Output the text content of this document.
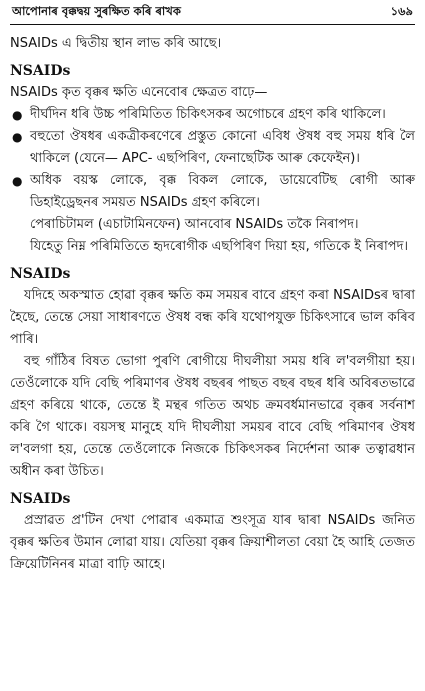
আপোনাৰ বৃক্কদ্বয় সুৰক্ষিত কৰি ৰাখক	১৬৯

NSAIDs এ দ্বিতীয় স্থান লাভ কৰি আছে।

NSAIDs

NSAIDs কৃত বৃক্কৰ ক্ষতি এনেবোৰ ক্ষেত্ৰত বাঢ়ে—

● দীৰ্ঘদিন ধৰি উচ্চ পৰিমিতিত চিকিৎসকৰ অগোচৰে গ্ৰহণ কৰি থাকিলে।
● বহুতো ঔষধৰ একত্ৰীকৰণেৰে প্ৰস্তুত কোনো এবিধ ঔষধ বহু সময় ধৰি লৈ থাকিলে (যেনে— APC- এছপিৰিণ, ফেনাছেটিক আৰু কেফেইন)।
● অধিক বয়স্ক লোকে, বৃক্ক বিকল লোকে, ডায়েবেটিছ ৰোগী আৰু ডিহাইড্ৰেছনৰ সময়ত NSAIDs গ্ৰহণ কৰিলে।

পেৰাচিটামল (এচাটামিনফেন) আনবোৰ NSAIDs তকৈ নিৰাপদ।

যিহেতু নিম্ন পৰিমিতিতে হৃদৰোগীক এছপিৰিণ দিয়া হয়, গতিকে ই নিৰাপদ।

NSAIDs

যদিহে অকস্মাত হোৱা বৃক্কৰ ক্ষতি কম সময়ৰ বাবে গ্ৰহণ কৰা NSAIDsৰ দ্বাৰা হৈছে, তেন্তে সেয়া সাধাৰণতে ঔষধ বন্ধ কৰি যথোপযুক্ত চিকিৎসাৰে ভাল কৰিব পাৰি।

বহু গাঁঠিৰ বিষত ভোগা পুৰণি ৰোগীয়ে দীঘলীয়া সময় ধৰি ল'বলগীয়া হয়। তেওঁলোকে যদি বেছি পৰিমাণৰ ঔষধ বছৰৰ পাছত বছৰ বছৰ ধৰি অবিৰতভাৱে গ্ৰহণ কৰিয়ে থাকে, তেন্তে ই মন্থৰ গতিত অথচ ক্ৰমবৰ্ধমানভাৱে বৃক্কৰ সৰ্বনাশ কৰি গৈ থাকে। বয়সস্থ মানুহে যদি দীঘলীয়া সময়ৰ বাবে বেছি পৰিমাণৰ ঔষধ ল'বলগা হয়, তেন্তে তেওঁলোকে নিজকে চিকিৎসকৰ নিৰ্দেশনা আৰু তত্বাৱধান অধীন কৰা উচিত।

NSAIDs

প্ৰস্ৰাৱত প্ৰ'টিন দেখা পোৱাৰ একমাত্ৰ শুংসূত্ৰ যাৰ দ্বাৰা NSAIDs জনিত বৃক্কৰ ক্ষতিৰ উমান লোৱা যায়। যেতিয়া বৃক্কৰ ক্ৰিয়াশীলতা বেয়া হৈ আহি তেজত ক্ৰিয়েটিনিনৰ মাত্ৰা বাঢ়ি আহে।
